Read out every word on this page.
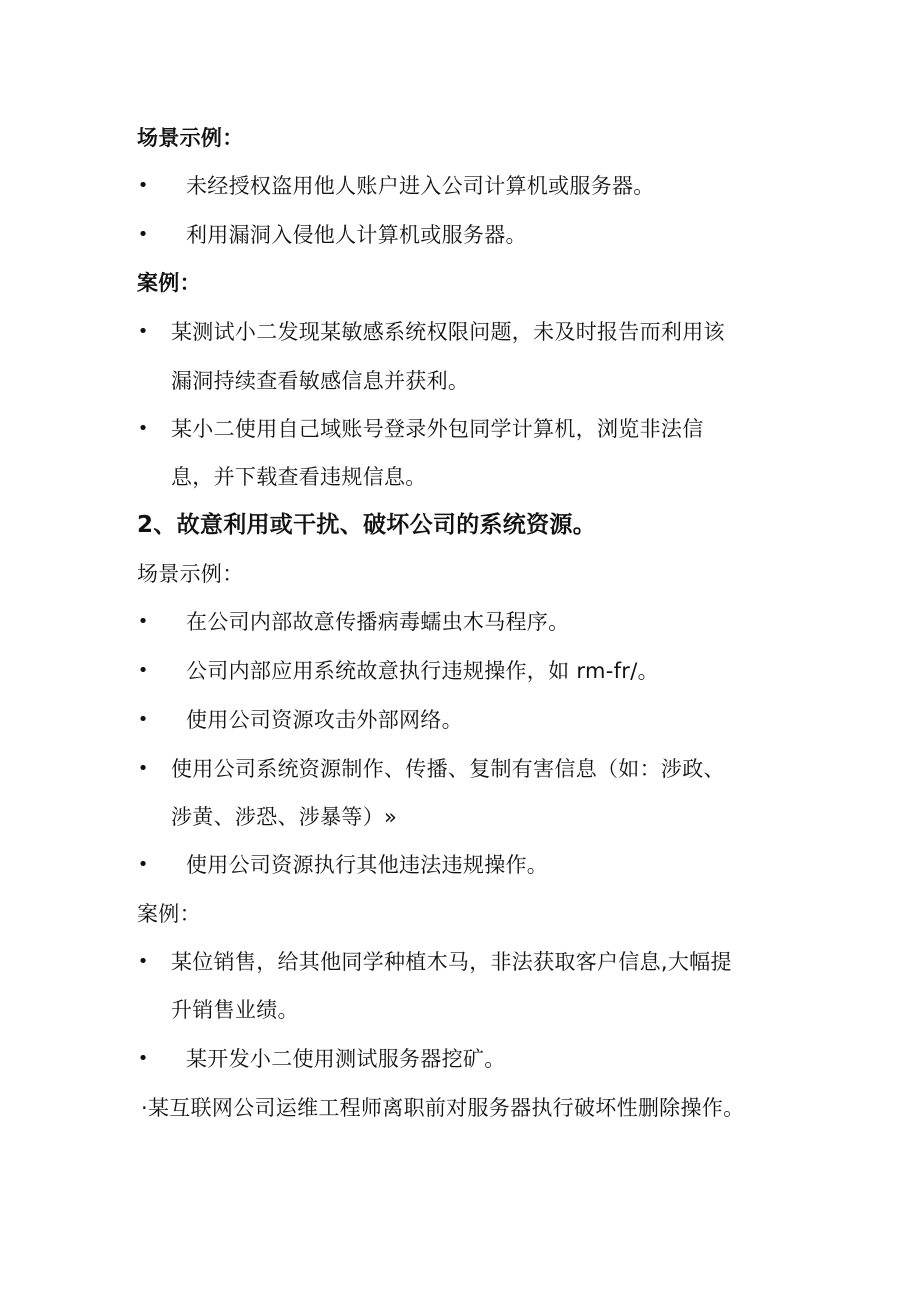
场景示例：
• 未经授权盗用他人账户进入公司计算机或服务器。
• 利用漏洞入侵他人计算机或服务器。
案例：
• 某测试小二发现某敏感系统权限问题，未及时报告而利用该
漏洞持续查看敏感信息并获利。
• 某小二使用自己域账号登录外包同学计算机，浏览非法信
息，并下载查看违规信息。
2、故意利用或干扰、破坏公司的系统资源。
场景示例：
• 在公司内部故意传播病毒蠕虫木马程序。
• 公司内部应用系统故意执行违规操作，如 rm-fr/。
• 使用公司资源攻击外部网络。
• 使用公司系统资源制作、传播、复制有害信息（如：涉政、
涉黄、涉恐、涉暴等）»
• 使用公司资源执行其他违法违规操作。
案例：
• 某位销售，给其他同学种植木马，非法获取客户信息,大幅提
升销售业绩。
• 某开发小二使用测试服务器挖矿。
·某互联网公司运维工程师离职前对服务器执行破坏性删除操作。
